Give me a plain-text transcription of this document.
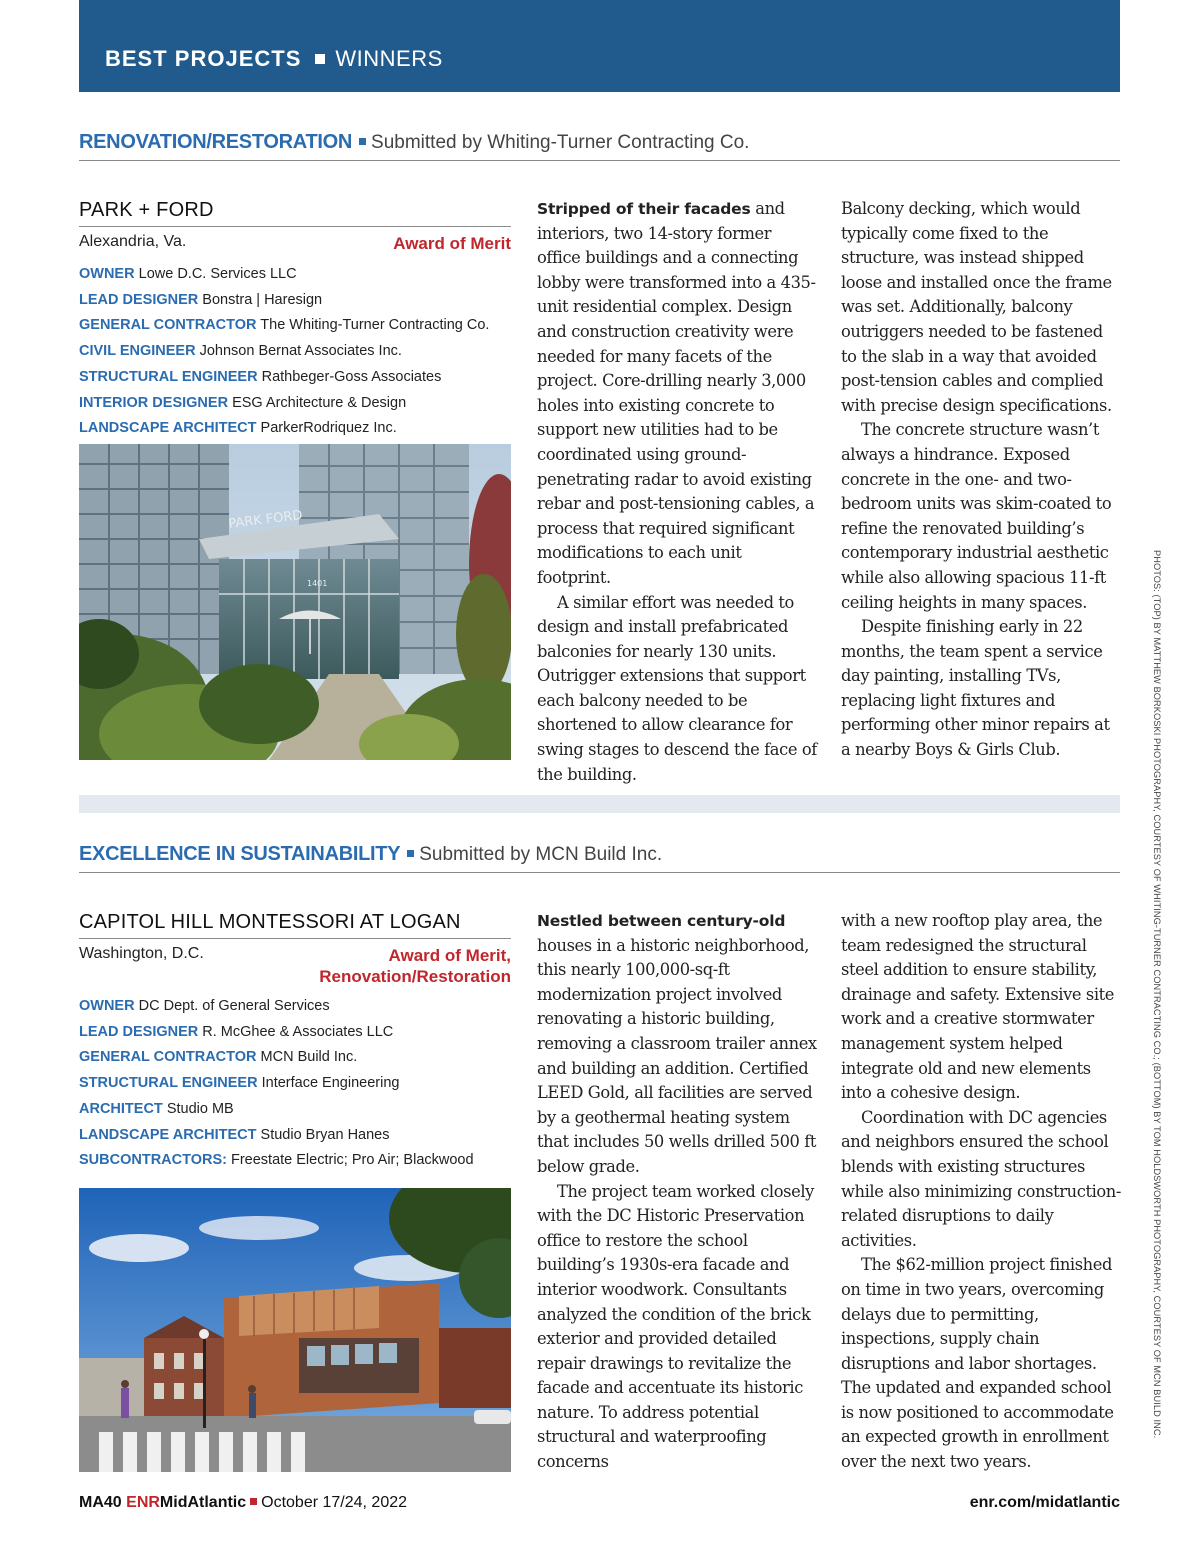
BEST PROJECTS WINNERS
RENOVATION/RESTORATION Submitted by Whiting-Turner Contracting Co.
PARK + FORD
Alexandria, Va.	Award of Merit
OWNER Lowe D.C. Services LLC
LEAD DESIGNER Bonstra | Haresign
GENERAL CONTRACTOR The Whiting-Turner Contracting Co.
CIVIL ENGINEER Johnson Bernat Associates Inc.
STRUCTURAL ENGINEER Rathbeger-Goss Associates
INTERIOR DESIGNER ESG Architecture & Design
LANDSCAPE ARCHITECT ParkerRodriquez Inc.
PARK FORD
1401

Stripped of their facades and interiors, two 14-story former office buildings and a connecting lobby were transformed into a 435-unit residential complex. Design and construction creativity were needed for many facets of the project. Core-drilling nearly 3,000 holes into existing concrete to support new utilities had to be coordinated using ground-penetrating radar to avoid existing rebar and post-tensioning cables, a process that required significant modifications to each unit footprint.

A similar effort was needed to design and install prefabricated balconies for nearly 130 units. Outrigger extensions that support each balcony needed to be shortened to allow clearance for swing stages to descend the face of the building.

Balcony decking, which would typically come fixed to the structure, was instead shipped loose and installed once the frame was set. Additionally, balcony outriggers needed to be fastened to the slab in a way that avoided post-tension cables and complied with precise design specifications.

The concrete structure wasn’t always a hindrance. Exposed concrete in the one- and two-bedroom units was skim-coated to refine the renovated building’s contemporary industrial aesthetic while also allowing spacious 11-ft ceiling heights in many spaces.

Despite finishing early in 22 months, the team spent a service day painting, installing TVs, replacing light fixtures and performing other minor repairs at a nearby Boys & Girls Club.

EXCELLENCE IN SUSTAINABILITY Submitted by MCN Build Inc.
CAPITOL HILL MONTESSORI AT LOGAN
Washington, D.C.	Award of Merit,
Renovation/Restoration
OWNER DC Dept. of General Services
LEAD DESIGNER R. McGhee & Associates LLC
GENERAL CONTRACTOR MCN Build Inc.
STRUCTURAL ENGINEER Interface Engineering
ARCHITECT Studio MB
LANDSCAPE ARCHITECT Studio Bryan Hanes
SUBCONTRACTORS: Freestate Electric; Pro Air; Blackwood

Nestled between century-old houses in a historic neighborhood, this nearly 100,000-sq-ft modernization project involved renovating a historic building, removing a classroom trailer annex and building an addition. Certified LEED Gold, all facilities are served by a geothermal heating system that includes 50 wells drilled 500 ft below grade.

The project team worked closely with the DC Historic Preservation office to restore the school building’s 1930s-era facade and interior woodwork. Consultants analyzed the condition of the brick exterior and provided detailed repair drawings to revitalize the facade and accentuate its historic nature. To address potential structural and waterproofing concerns

with a new rooftop play area, the team redesigned the structural steel addition to ensure stability, drainage and safety. Extensive site work and a creative stormwater management system helped integrate old and new elements into a cohesive design.

Coordination with DC agencies and neighbors ensured the school blends with existing structures while also minimizing construction-related disruptions to daily activities.

The $62-million project finished on time in two years, overcoming delays due to permitting, inspections, supply chain disruptions and labor shortages. The updated and expanded school is now positioned to accommodate an expected growth in enrollment over the next two years.

PHOTOS: (TOP) BY MATTHEW BORKOSKI PHOTOGRAPHY, COURTESY OF WHITING-TURNER CONTRACTING CO.; (BOTTOM) BY TOM HOLDSWORTH PHOTOGRAPHY, COURTESY OF MCN BUILD INC.
MA40 ENRMidAtlantic October 17/24, 2022	enr.com/midatlantic
